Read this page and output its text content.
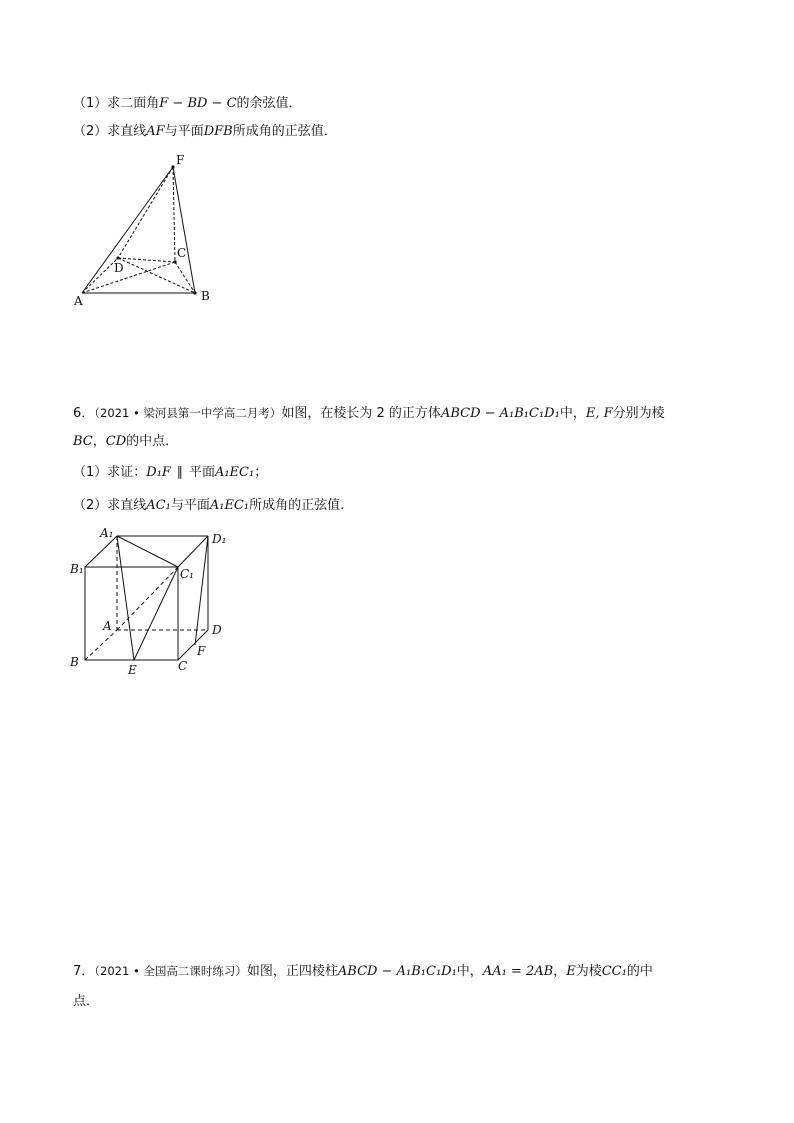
（1）求二面角F − BD − C的余弦值．
（2）求直线AF与平面DFB所成角的正弦值．
F
C
D
A	B
6．（2021 • 梁河县第一中学高二月考）如图，在棱长为 2 的正方体ABCD − A₁B₁C₁D₁中，E, F分别为棱
BC，CD的中点．
（1）求证：D₁F ∥ 平面A₁EC₁；
（2）求直线AC₁与平面A₁EC₁所成角的正弦值.
A₁	D₁
B₁	C₁
A	D
F
B
E	C
7．（2021 • 全国高二课时练习）如图，正四棱柱ABCD − A₁B₁C₁D₁中，AA₁ = 2AB，E为棱CC₁的中
点．
